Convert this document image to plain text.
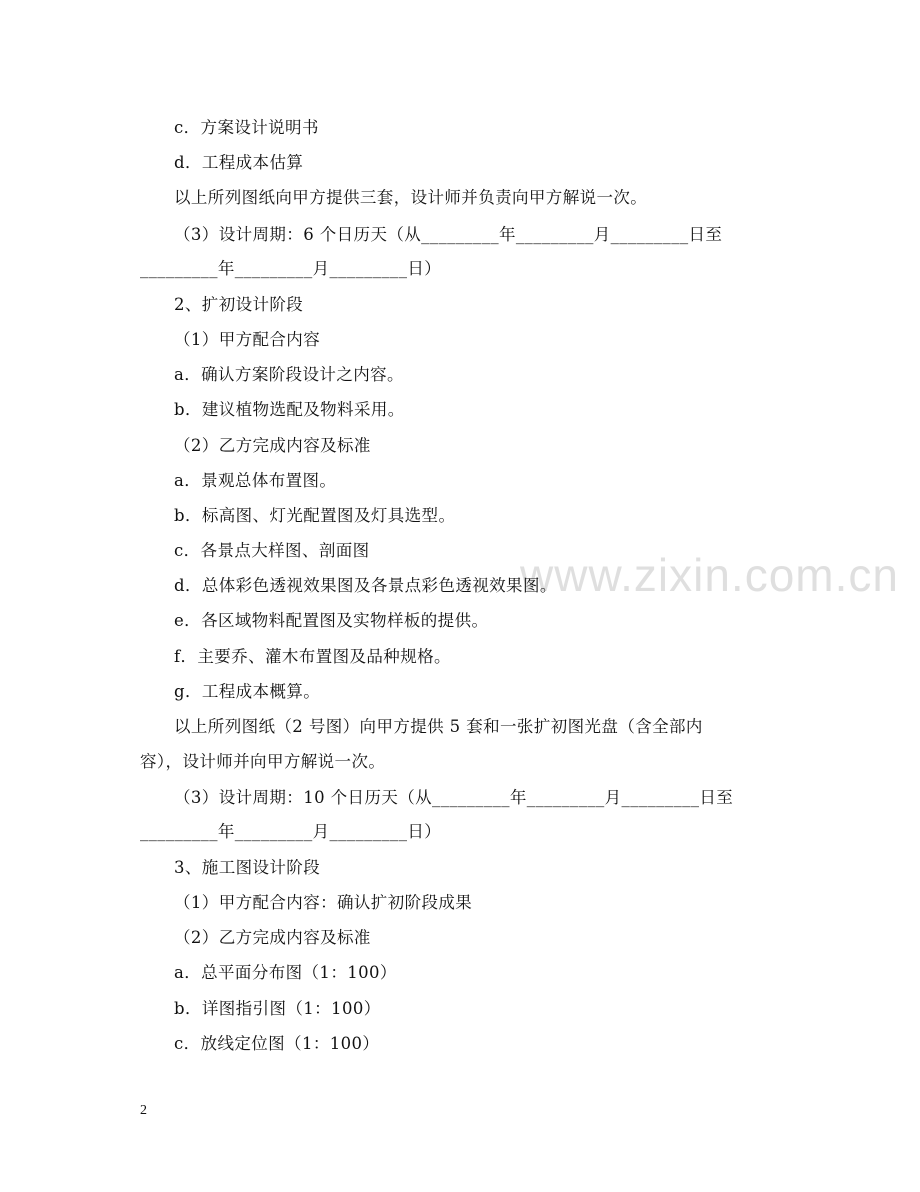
www.zixin.com.cn
c．方案设计说明书
d．工程成本估算
以上所列图纸向甲方提供三套，设计师并负责向甲方解说一次。
（3）设计周期：6 个日历天（从_________年_________月_________日至
_________年_________月_________日）
2、扩初设计阶段
（1）甲方配合内容
a．确认方案阶段设计之内容。
b．建议植物选配及物料采用。
（2）乙方完成内容及标准
a．景观总体布置图。
b．标高图、灯光配置图及灯具选型。
c．各景点大样图、剖面图
d．总体彩色透视效果图及各景点彩色透视效果图。
e．各区域物料配置图及实物样板的提供。
f．主要乔、灌木布置图及品种规格。
g．工程成本概算。
以上所列图纸（2 号图）向甲方提供 5 套和一张扩初图光盘（含全部内
容），设计师并向甲方解说一次。
（3）设计周期：10 个日历天（从_________年_________月_________日至
_________年_________月_________日）
3、施工图设计阶段
（1）甲方配合内容：确认扩初阶段成果
（2）乙方完成内容及标准
a．总平面分布图（1：100）
b．详图指引图（1：100）
c．放线定位图（1：100）
2
